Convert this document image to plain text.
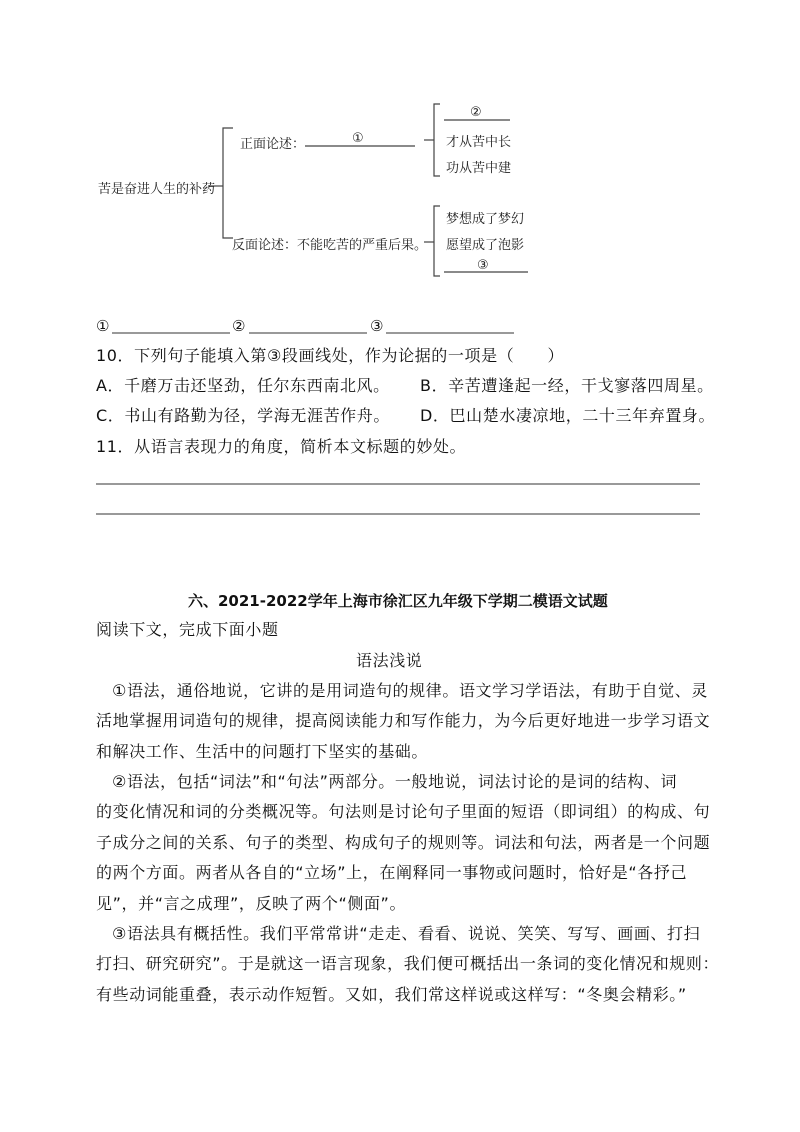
苦是奋进人生的补药
正面论述：	①
②
才从苦中长
功从苦中建
反面论述：不能吃苦的严重后果。
梦想成了梦幻
愿望成了泡影
③
①	②	③
10．下列句子能填入第③段画线处，作为论据的一项是（　　）
A．千磨万击还坚劲，任尔东西南北风。 B．辛苦遭逢起一经，干戈寥落四周星。
C．书山有路勤为径，学海无涯苦作舟。 D．巴山楚水凄凉地，二十三年弃置身。
11．从语言表现力的角度，简析本文标题的妙处。
六、2021-2022学年上海市徐汇区九年级下学期二模语文试题
阅读下文，完成下面小题
语法浅说
①语法，通俗地说，它讲的是用词造句的规律。语文学习学语法，有助于自觉、灵
活地掌握用词造句的规律，提高阅读能力和写作能力，为今后更好地进一步学习语文
和解决工作、生活中的问题打下坚实的基础。
②语法，包括“词法”和“句法”两部分。一般地说，词法讨论的是词的结构、词
的变化情况和词的分类概况等。句法则是讨论句子里面的短语（即词组）的构成、句
子成分之间的关系、句子的类型、构成句子的规则等。词法和句法，两者是一个问题
的两个方面。两者从各自的“立场”上，在阐释同一事物或问题时，恰好是“各抒己
见”，并“言之成理”，反映了两个“侧面”。
③语法具有概括性。我们平常常讲“走走、看看、说说、笑笑、写写、画画、打扫
打扫、研究研究”。于是就这一语言现象，我们便可概括出一条词的变化情况和规则：
有些动词能重叠，表示动作短暂。又如，我们常这样说或这样写：“冬奥会精彩。”
